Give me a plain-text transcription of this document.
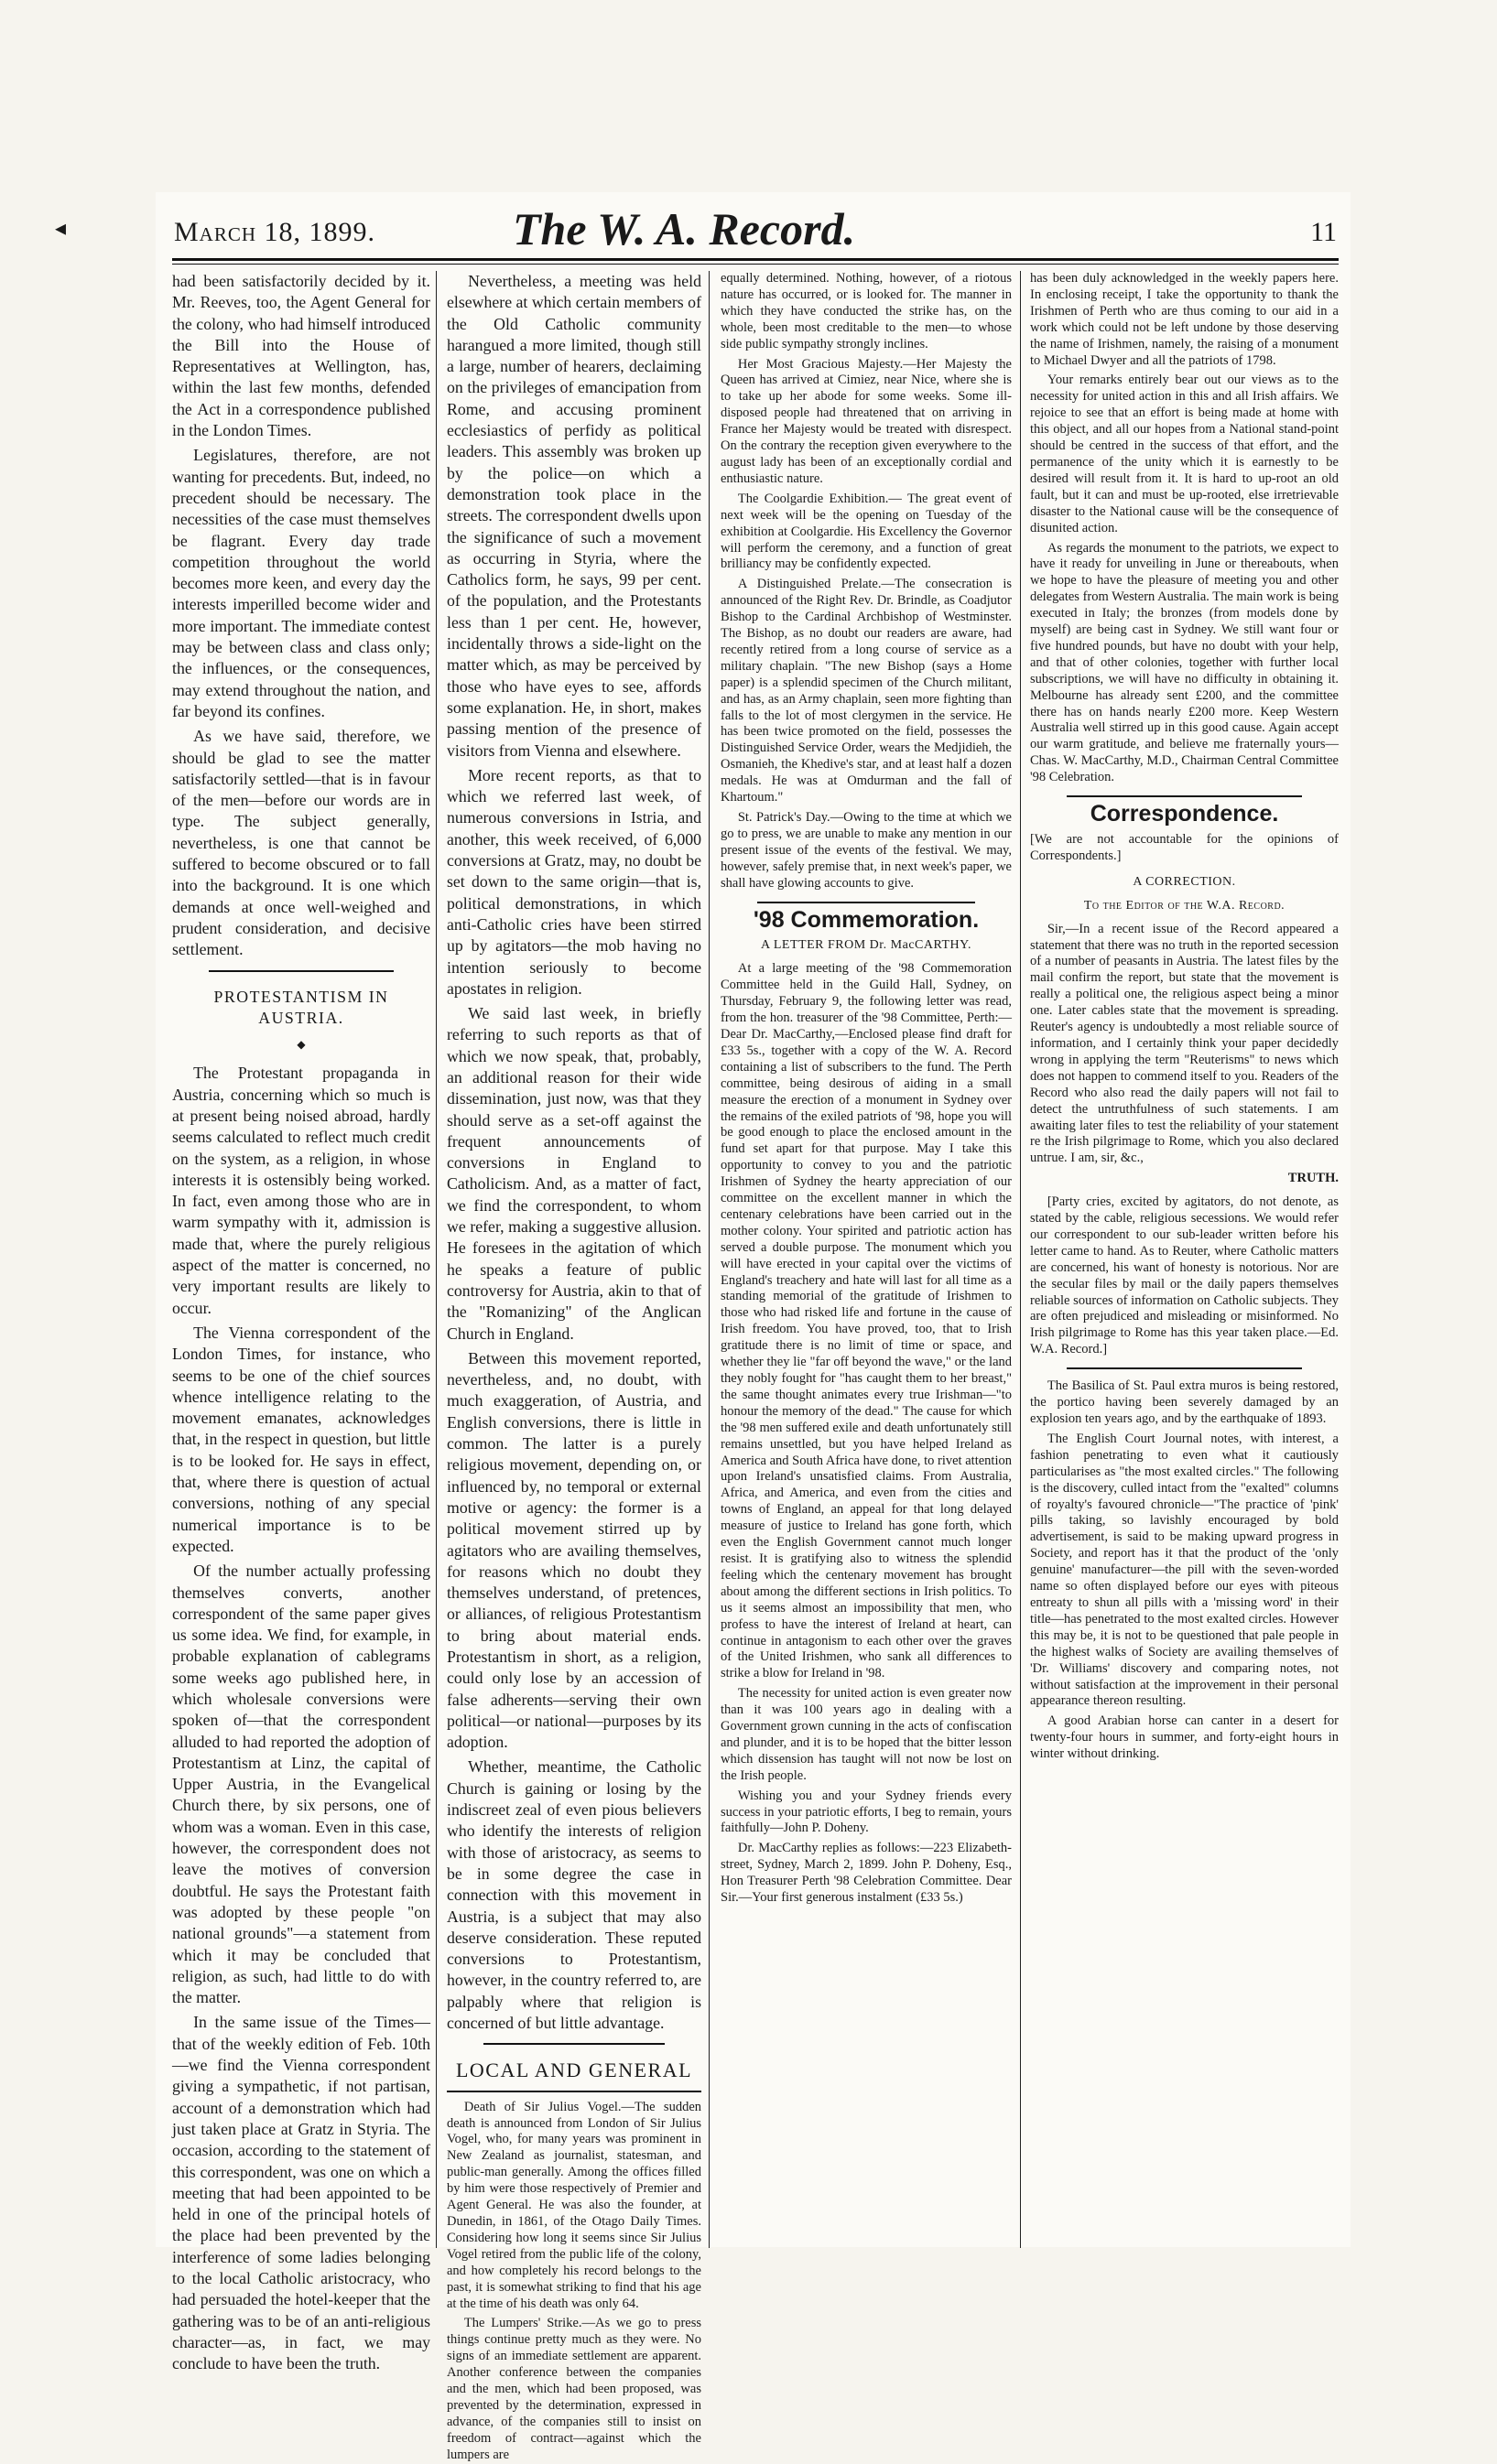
◂	March 18, 1899.	The W. A. Record.	11

had been satisfactorily decided by it. Mr. Reeves, too, the Agent General for the colony, who had himself introduced the Bill into the House of Representatives at Wellington, has, within the last few months, defended the Act in a correspondence published in the London Times.

Legislatures, therefore, are not wanting for precedents. But, indeed, no precedent should be necessary. The necessities of the case must themselves be flagrant. Every day trade competition throughout the world becomes more keen, and every day the interests imperilled become wider and more important. The immediate contest may be between class and class only; the influences, or the consequences, may extend throughout the nation, and far beyond its confines.

As we have said, therefore, we should be glad to see the matter satisfactorily settled—that is in favour of the men—before our words are in type. The subject generally, nevertheless, is one that cannot be suffered to become obscured or to fall into the background. It is one which demands at once well-weighed and prudent consideration, and decisive settlement.

PROTESTANTISM IN AUSTRIA.
◆

The Protestant propaganda in Austria, concerning which so much is at present being noised abroad, hardly seems calculated to reflect much credit on the system, as a religion, in whose interests it is ostensibly being worked. In fact, even among those who are in warm sympathy with it, admission is made that, where the purely religious aspect of the matter is concerned, no very important results are likely to occur.

The Vienna correspondent of the London Times, for instance, who seems to be one of the chief sources whence intelligence relating to the movement emanates, acknowledges that, in the respect in question, but little is to be looked for. He says in effect, that, where there is question of actual conversions, nothing of any special numerical importance is to be expected.

Of the number actually professing themselves converts, another correspondent of the same paper gives us some idea. We find, for example, in probable explanation of cablegrams some weeks ago published here, in which wholesale conversions were spoken of—that the correspondent alluded to had reported the adoption of Protestantism at Linz, the capital of Upper Austria, in the Evangelical Church there, by six persons, one of whom was a woman. Even in this case, however, the correspondent does not leave the motives of conversion doubtful. He says the Protestant faith was adopted by these people "on national grounds"—a statement from which it may be concluded that religion, as such, had little to do with the matter.

In the same issue of the Times—that of the weekly edition of Feb. 10th—we find the Vienna correspondent giving a sympathetic, if not partisan, account of a demonstration which had just taken place at Gratz in Styria. The occasion, according to the statement of this correspondent, was one on which a meeting that had been appointed to be held in one of the principal hotels of the place had been prevented by the interference of some ladies belonging to the local Catholic aristocracy, who had persuaded the hotel-keeper that the gathering was to be of an anti-religious character—as, in fact, we may conclude to have been the truth.

Nevertheless, a meeting was held elsewhere at which certain members of the Old Catholic community harangued a more limited, though still a large, number of hearers, declaiming on the privileges of emancipation from Rome, and accusing prominent ecclesiastics of perfidy as political leaders. This assembly was broken up by the police—on which a demonstration took place in the streets. The correspondent dwells upon the significance of such a movement as occurring in Styria, where the Catholics form, he says, 99 per cent. of the population, and the Protestants less than 1 per cent. He, however, incidentally throws a side-light on the matter which, as may be perceived by those who have eyes to see, affords some explanation. He, in short, makes passing mention of the presence of visitors from Vienna and elsewhere.

More recent reports, as that to which we referred last week, of numerous conversions in Istria, and another, this week received, of 6,000 conversions at Gratz, may, no doubt be set down to the same origin—that is, political demonstrations, in which anti-Catholic cries have been stirred up by agitators—the mob having no intention seriously to become apostates in religion.

We said last week, in briefly referring to such reports as that of which we now speak, that, probably, an additional reason for their wide dissemination, just now, was that they should serve as a set-off against the frequent announcements of conversions in England to Catholicism. And, as a matter of fact, we find the correspondent, to whom we refer, making a suggestive allusion. He foresees in the agitation of which he speaks a feature of public controversy for Austria, akin to that of the "Romanizing" of the Anglican Church in England.

Between this movement reported, nevertheless, and, no doubt, with much exaggeration, of Austria, and English conversions, there is little in common. The latter is a purely religious movement, depending on, or influenced by, no temporal or external motive or agency: the former is a political movement stirred up by agitators who are availing themselves, for reasons which no doubt they themselves understand, of pretences, or alliances, of religious Protestantism to bring about material ends. Protestantism in short, as a religion, could only lose by an accession of false adherents—serving their own political—or national—purposes by its adoption.

Whether, meantime, the Catholic Church is gaining or losing by the indiscreet zeal of even pious believers who identify the interests of religion with those of aristocracy, as seems to be in some degree the case in connection with this movement in Austria, is a subject that may also deserve consideration. These reputed conversions to Protestantism, however, in the country referred to, are palpably where that religion is concerned of but little advantage.

LOCAL AND GENERAL

Death of Sir Julius Vogel.—The sudden death is announced from London of Sir Julius Vogel, who, for many years was prominent in New Zealand as journalist, statesman, and public-man generally. Among the offices filled by him were those respectively of Premier and Agent General. He was also the founder, at Dunedin, in 1861, of the Otago Daily Times. Considering how long it seems since Sir Julius Vogel retired from the public life of the colony, and how completely his record belongs to the past, it is somewhat striking to find that his age at the time of his death was only 64.

The Lumpers' Strike.—As we go to press things continue pretty much as they were. No signs of an immediate settlement are apparent. Another conference between the companies and the men, which had been proposed, was prevented by the determination, expressed in advance, of the companies still to insist on freedom of contract—against which the lumpers are

equally determined. Nothing, however, of a riotous nature has occurred, or is looked for. The manner in which they have conducted the strike has, on the whole, been most creditable to the men—to whose side public sympathy strongly inclines.

Her Most Gracious Majesty.—Her Majesty the Queen has arrived at Cimiez, near Nice, where she is to take up her abode for some weeks. Some ill-disposed people had threatened that on arriving in France her Majesty would be treated with disrespect. On the contrary the reception given everywhere to the august lady has been of an exceptionally cordial and enthusiastic nature.

The Coolgardie Exhibition.— The great event of next week will be the opening on Tuesday of the exhibition at Coolgardie. His Excellency the Governor will perform the ceremony, and a function of great brilliancy may be confidently expected.

A Distinguished Prelate.—The consecration is announced of the Right Rev. Dr. Brindle, as Coadjutor Bishop to the Cardinal Archbishop of Westminster. The Bishop, as no doubt our readers are aware, had recently retired from a long course of service as a military chaplain. "The new Bishop (says a Home paper) is a splendid specimen of the Church militant, and has, as an Army chaplain, seen more fighting than falls to the lot of most clergymen in the service. He has been twice promoted on the field, possesses the Distinguished Service Order, wears the Medjidieh, the Osmanieh, the Khedive's star, and at least half a dozen medals. He was at Omdurman and the fall of Khartoum."

St. Patrick's Day.—Owing to the time at which we go to press, we are unable to make any mention in our present issue of the events of the festival. We may, however, safely premise that, in next week's paper, we shall have glowing accounts to give.

'98 Commemoration.
A LETTER FROM Dr. MacCARTHY.

At a large meeting of the '98 Commemoration Committee held in the Guild Hall, Sydney, on Thursday, February 9, the following letter was read, from the hon. treasurer of the '98 Committee, Perth:—Dear Dr. MacCarthy,—Enclosed please find draft for £33 5s., together with a copy of the W. A. Record containing a list of subscribers to the fund. The Perth committee, being desirous of aiding in a small measure the erection of a monument in Sydney over the remains of the exiled patriots of '98, hope you will be good enough to place the enclosed amount in the fund set apart for that purpose. May I take this opportunity to convey to you and the patriotic Irishmen of Sydney the hearty appreciation of our committee on the excellent manner in which the centenary celebrations have been carried out in the mother colony. Your spirited and patriotic action has served a double purpose. The monument which you will have erected in your capital over the victims of England's treachery and hate will last for all time as a standing memorial of the gratitude of Irishmen to those who had risked life and fortune in the cause of Irish freedom. You have proved, too, that to Irish gratitude there is no limit of time or space, and whether they lie "far off beyond the wave," or the land they nobly fought for "has caught them to her breast," the same thought animates every true Irishman—"to honour the memory of the dead." The cause for which the '98 men suffered exile and death unfortunately still remains unsettled, but you have helped Ireland as America and South Africa have done, to rivet attention upon Ireland's unsatisfied claims. From Australia, Africa, and America, and even from the cities and towns of England, an appeal for that long delayed measure of justice to Ireland has gone forth, which even the English Government cannot much longer resist. It is gratifying also to witness the splendid feeling which the centenary movement has brought about among the different sections in Irish politics. To us it seems almost an impossibility that men, who profess to have the interest of Ireland at heart, can continue in antagonism to each other over the graves of the United Irishmen, who sank all differences to strike a blow for Ireland in '98.

The necessity for united action is even greater now than it was 100 years ago in dealing with a Government grown cunning in the acts of confiscation and plunder, and it is to be hoped that the bitter lesson which dissension has taught will not now be lost on the Irish people.

Wishing you and your Sydney friends every success in your patriotic efforts, I beg to remain, yours faithfully—John P. Doheny.

Dr. MacCarthy replies as follows:—223 Elizabeth-street, Sydney, March 2, 1899. John P. Doheny, Esq., Hon Treasurer Perth '98 Celebration Committee. Dear Sir.—Your first generous instalment (£33 5s.)

has been duly acknowledged in the weekly papers here. In enclosing receipt, I take the opportunity to thank the Irishmen of Perth who are thus coming to our aid in a work which could not be left undone by those deserving the name of Irishmen, namely, the raising of a monument to Michael Dwyer and all the patriots of 1798.

Your remarks entirely bear out our views as to the necessity for united action in this and all Irish affairs. We rejoice to see that an effort is being made at home with this object, and all our hopes from a National stand-point should be centred in the success of that effort, and the permanence of the unity which it is earnestly to be desired will result from it. It is hard to up-root an old fault, but it can and must be up-rooted, else irretrievable disaster to the National cause will be the consequence of disunited action.

As regards the monument to the patriots, we expect to have it ready for unveiling in June or thereabouts, when we hope to have the pleasure of meeting you and other delegates from Western Australia. The main work is being executed in Italy; the bronzes (from models done by myself) are being cast in Sydney. We still want four or five hundred pounds, but have no doubt with your help, and that of other colonies, together with further local subscriptions, we will have no difficulty in obtaining it. Melbourne has already sent £200, and the committee there has on hands nearly £200 more. Keep Western Australia well stirred up in this good cause. Again accept our warm gratitude, and believe me fraternally yours—Chas. W. MacCarthy, M.D., Chairman Central Committee '98 Celebration.

Correspondence.

[We are not accountable for the opinions of Correspondents.]

A CORRECTION.
To the Editor of the W.A. Record.

Sir,—In a recent issue of the Record appeared a statement that there was no truth in the reported secession of a number of peasants in Austria. The latest files by the mail confirm the report, but state that the movement is really a political one, the religious aspect being a minor one. Later cables state that the movement is spreading. Reuter's agency is undoubtedly a most reliable source of information, and I certainly think your paper decidedly wrong in applying the term "Reuterisms" to news which does not happen to commend itself to you. Readers of the Record who also read the daily papers will not fail to detect the untruthfulness of such statements. I am awaiting later files to test the reliability of your statement re the Irish pilgrimage to Rome, which you also declared untrue. I am, sir, &c.,

TRUTH.

[Party cries, excited by agitators, do not denote, as stated by the cable, religious secessions. We would refer our correspondent to our sub-leader written before his letter came to hand. As to Reuter, where Catholic matters are concerned, his want of honesty is notorious. Nor are the secular files by mail or the daily papers themselves reliable sources of information on Catholic subjects. They are often prejudiced and misleading or misinformed. No Irish pilgrimage to Rome has this year taken place.—Ed. W.A. Record.]

The Basilica of St. Paul extra muros is being restored, the portico having been severely damaged by an explosion ten years ago, and by the earthquake of 1893.

The English Court Journal notes, with interest, a fashion penetrating to even what it cautiously particularises as "the most exalted circles." The following is the discovery, culled intact from the "exalted" columns of royalty's favoured chronicle—"The practice of 'pink' pills taking, so lavishly encouraged by bold advertisement, is said to be making upward progress in Society, and report has it that the product of the 'only genuine' manufacturer—the pill with the seven-worded name so often displayed before our eyes with piteous entreaty to shun all pills with a 'missing word' in their title—has penetrated to the most exalted circles. However this may be, it is not to be questioned that pale people in the highest walks of Society are availing themselves of 'Dr. Williams' discovery and comparing notes, not without satisfaction at the improvement in their personal appearance thereon resulting.

A good Arabian horse can canter in a desert for twenty-four hours in summer, and forty-eight hours in winter without drinking.
